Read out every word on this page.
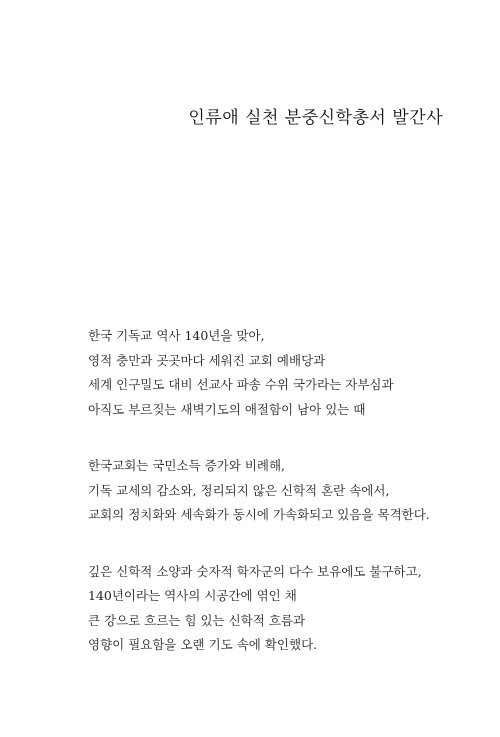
인류애 실천 분중신학총서 발간사

한국 기독교 역사 140년을 맞아,
영적 충만과 곳곳마다 세워진 교회 예배당과
세계 인구밀도 대비 선교사 파송 수위 국가라는 자부심과
아직도 부르짖는 새벽기도의 애절함이 남아 있는 때

한국교회는 국민소득 증가와 비례해,
기독 교세의 감소와, 정리되지 않은 신학적 혼란 속에서,
교회의 정치화와 세속화가 동시에 가속화되고 있음을 목격한다.

깊은 신학적 소양과 숫자적 학자군의 다수 보유에도 불구하고,
140년이라는 역사의 시공간에 엮인 채
큰 강으로 흐르는 힘 있는 신학적 흐름과
영향이 필요함을 오랜 기도 속에 확인했다.
